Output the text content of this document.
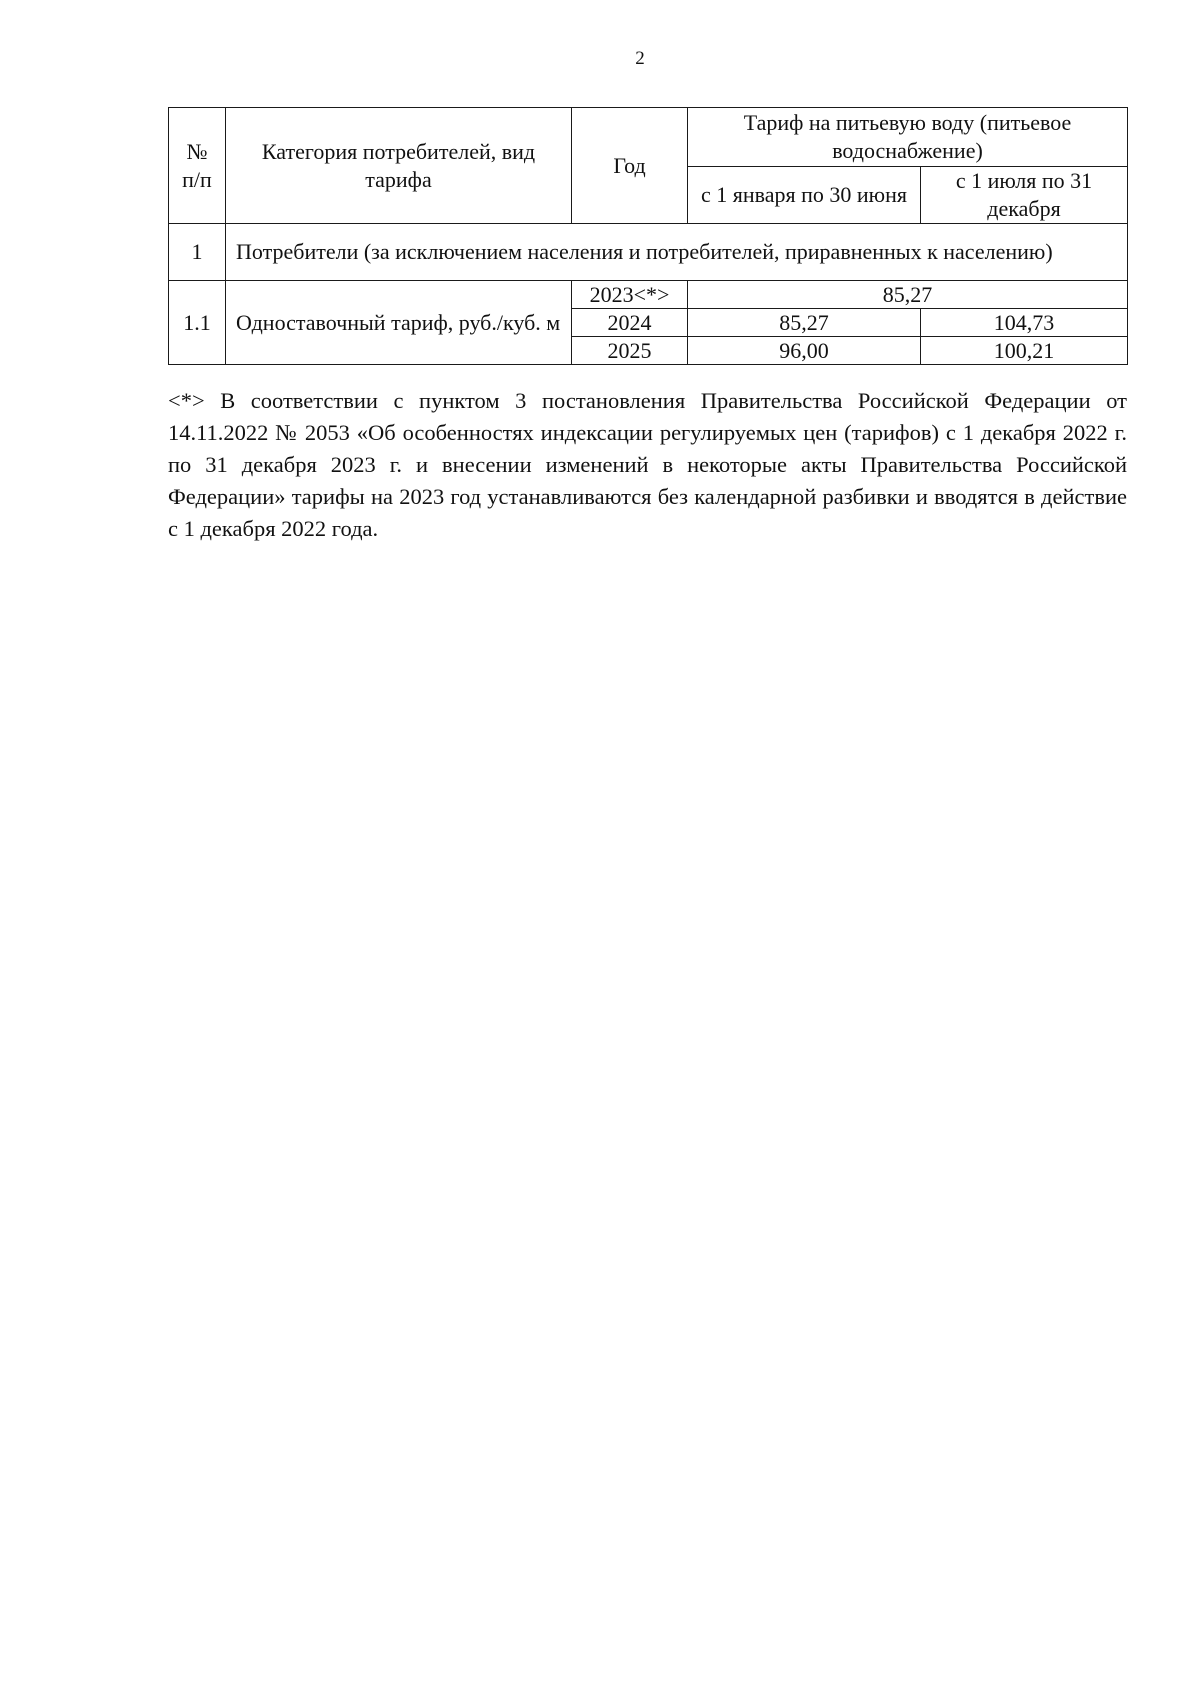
2
№ п/п	Категория потребителей, вид тарифа	Год	Тариф на питьевую воду (питьевое водоснабжение)	
			с 1 января по 30 июня	с 1 июля по 31 декабря
1	Потребители (за исключением населения и потребителей, приравненных к населению)			
1.1	Одноставочный тариф, руб./куб. м	2023<*>	85,27	
		2024	85,27	104,73
		2025	96,00	100,21
<*> В соответствии с пунктом 3 постановления Правительства Российской Федерации от 14.11.2022 № 2053 «Об особенностях индексации регулируемых цен (тарифов) с 1 декабря 2022 г. по 31 декабря 2023 г. и внесении изменений в некоторые акты Правительства Российской Федерации» тарифы на 2023 год устанавливаются без календарной разбивки и вводятся в действие с 1 декабря 2022 года.
